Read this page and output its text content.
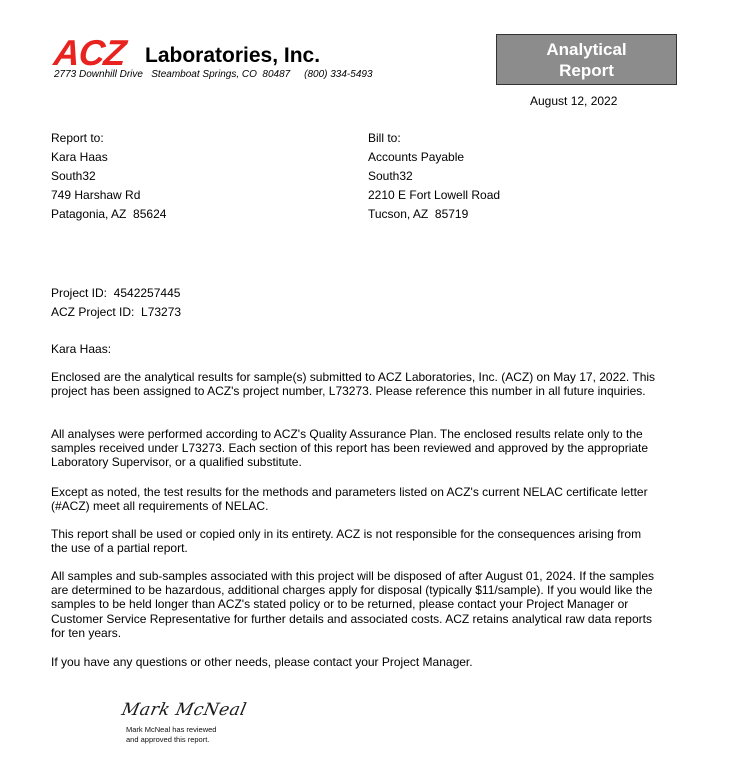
ACZ Laboratories, Inc.
2773 Downhill Drive   Steamboat Springs, CO  80487     (800) 334-5493
Analytical
Report
August 12, 2022
Report to:
Kara Haas
South32
749 Harshaw Rd
Patagonia, AZ  85624
Bill to:
Accounts Payable
South32
2210 E Fort Lowell Road
Tucson, AZ  85719
Project ID:  4542257445
ACZ Project ID:  L73273
Kara Haas:
Enclosed are the analytical results for sample(s) submitted to ACZ Laboratories, Inc. (ACZ) on May 17, 2022. This project has been assigned to ACZ's project number, L73273. Please reference this number in all future inquiries.
All analyses were performed according to ACZ's Quality Assurance Plan. The enclosed results relate only to the samples received under L73273. Each section of this report has been reviewed and approved by the appropriate Laboratory Supervisor, or a qualified substitute.
Except as noted, the test results for the methods and parameters listed on ACZ's current NELAC certificate letter (#ACZ) meet all requirements of NELAC.
This report shall be used or copied only in its entirety. ACZ is not responsible for the consequences arising from the use of a partial report.
All samples and sub-samples associated with this project will be disposed of after August 01, 2024. If the samples are determined to be hazardous, additional charges apply for disposal (typically $11/sample). If you would like the samples to be held longer than ACZ's stated policy or to be returned, please contact your Project Manager or Customer Service Representative for further details and associated costs. ACZ retains analytical raw data reports for ten years.
If you have any questions or other needs, please contact your Project Manager.
Mark McNeal
Mark McNeal has reviewed
and approved this report.
